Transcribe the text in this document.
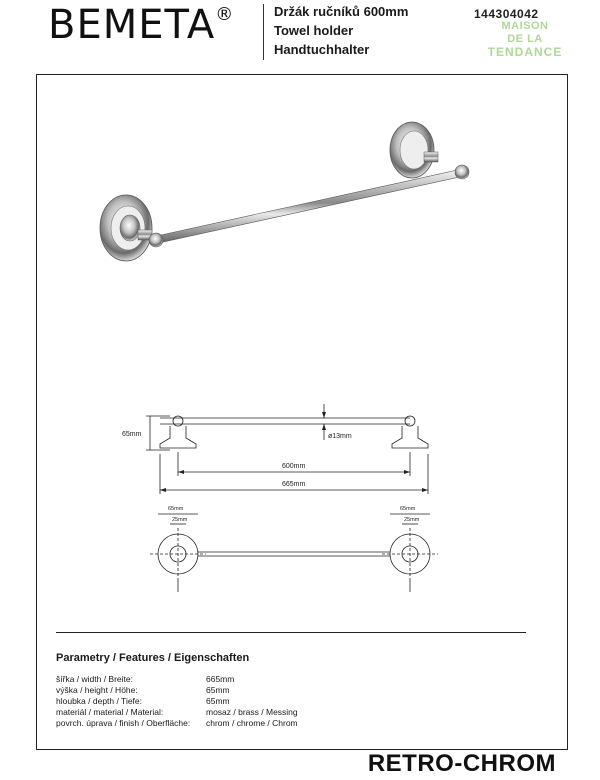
BEMETA®	Držák ručníků 600mm
Towel holder
Handtuchhalter
144304042
MAISON
DE LA
TENDANCE
65mm	ø13mm
600mm
665mm
65mm
25mm
65mm
25mm
Parametry / Features / Eigenschaften
šířka / width / Breite:	665mm
výška / height / Höhe:	65mm
hloubka / depth / Tiefe:	65mm
materiál / material / Material:	mosaz / brass / Messing
povrch. úprava / finish / Oberfläche:	chrom / chrome / Chrom
RETRO-CHROM
